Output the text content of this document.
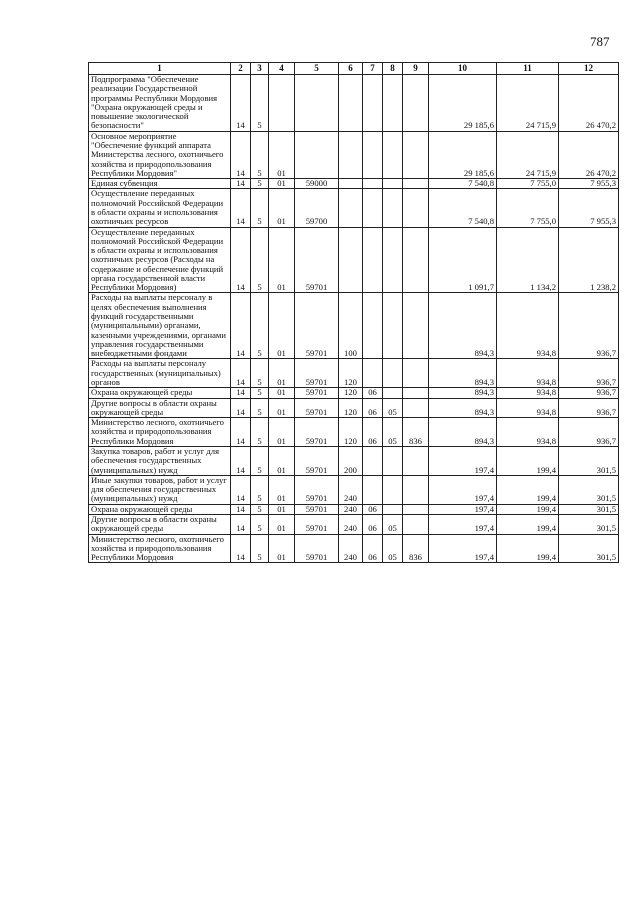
787
1	2	3	4	5	6	7	8	9	10	11	12
Подпрограмма "Обеспечение реализации Государственной программы Республики Мордовия "Охрана окружающей среды и повышение экологической безопасности"	14	5							29 185,6	24 715,9	26 470,2
Основное мероприятие "Обеспечение функций аппарата Министерства лесного, охотничьего хозяйства и природопользования Республики Мордовия"	14	5	01						29 185,6	24 715,9	26 470,2
Единая субвенция	14	5	01	59000					7 540,8	7 755,0	7 955,3
Осуществление переданных полномочий Российской Федерации в области охраны и использования охотничьих ресурсов	14	5	01	59700					7 540,8	7 755,0	7 955,3
Осуществление переданных полномочий Российской Федерации в области охраны и использования охотничьих ресурсов (Расходы на содержание и обеспечение функций органа государственной власти Республики Мордовия)	14	5	01	59701					1 091,7	1 134,2	1 238,2
Расходы на выплаты персоналу в целях обеспечения выполнения функций государственными (муниципальными) органами, казенными учреждениями, органами управления государственными внебюджетными фондами	14	5	01	59701	100				894,3	934,8	936,7
Расходы на выплаты персоналу государственных (муниципальных) органов	14	5	01	59701	120				894,3	934,8	936,7
Охрана окружающей среды	14	5	01	59701	120	06			894,3	934,8	936,7
Другие вопросы в области охраны окружающей среды	14	5	01	59701	120	06	05		894,3	934,8	936,7
Министерство лесного, охотничьего хозяйства и природопользования Республики Мордовия	14	5	01	59701	120	06	05	836	894,3	934,8	936,7
Закупка товаров, работ и услуг для обеспечения государственных (муниципальных) нужд	14	5	01	59701	200				197,4	199,4	301,5
Иные закупки товаров, работ и услуг для обеспечения государственных (муниципальных) нужд	14	5	01	59701	240				197,4	199,4	301,5
Охрана окружающей среды	14	5	01	59701	240	06			197,4	199,4	301,5
Другие вопросы в области охраны окружающей среды	14	5	01	59701	240	06	05		197,4	199,4	301,5
Министерство лесного, охотничьего хозяйства и природопользования Республики Мордовия	14	5	01	59701	240	06	05	836	197,4	199,4	301,5
